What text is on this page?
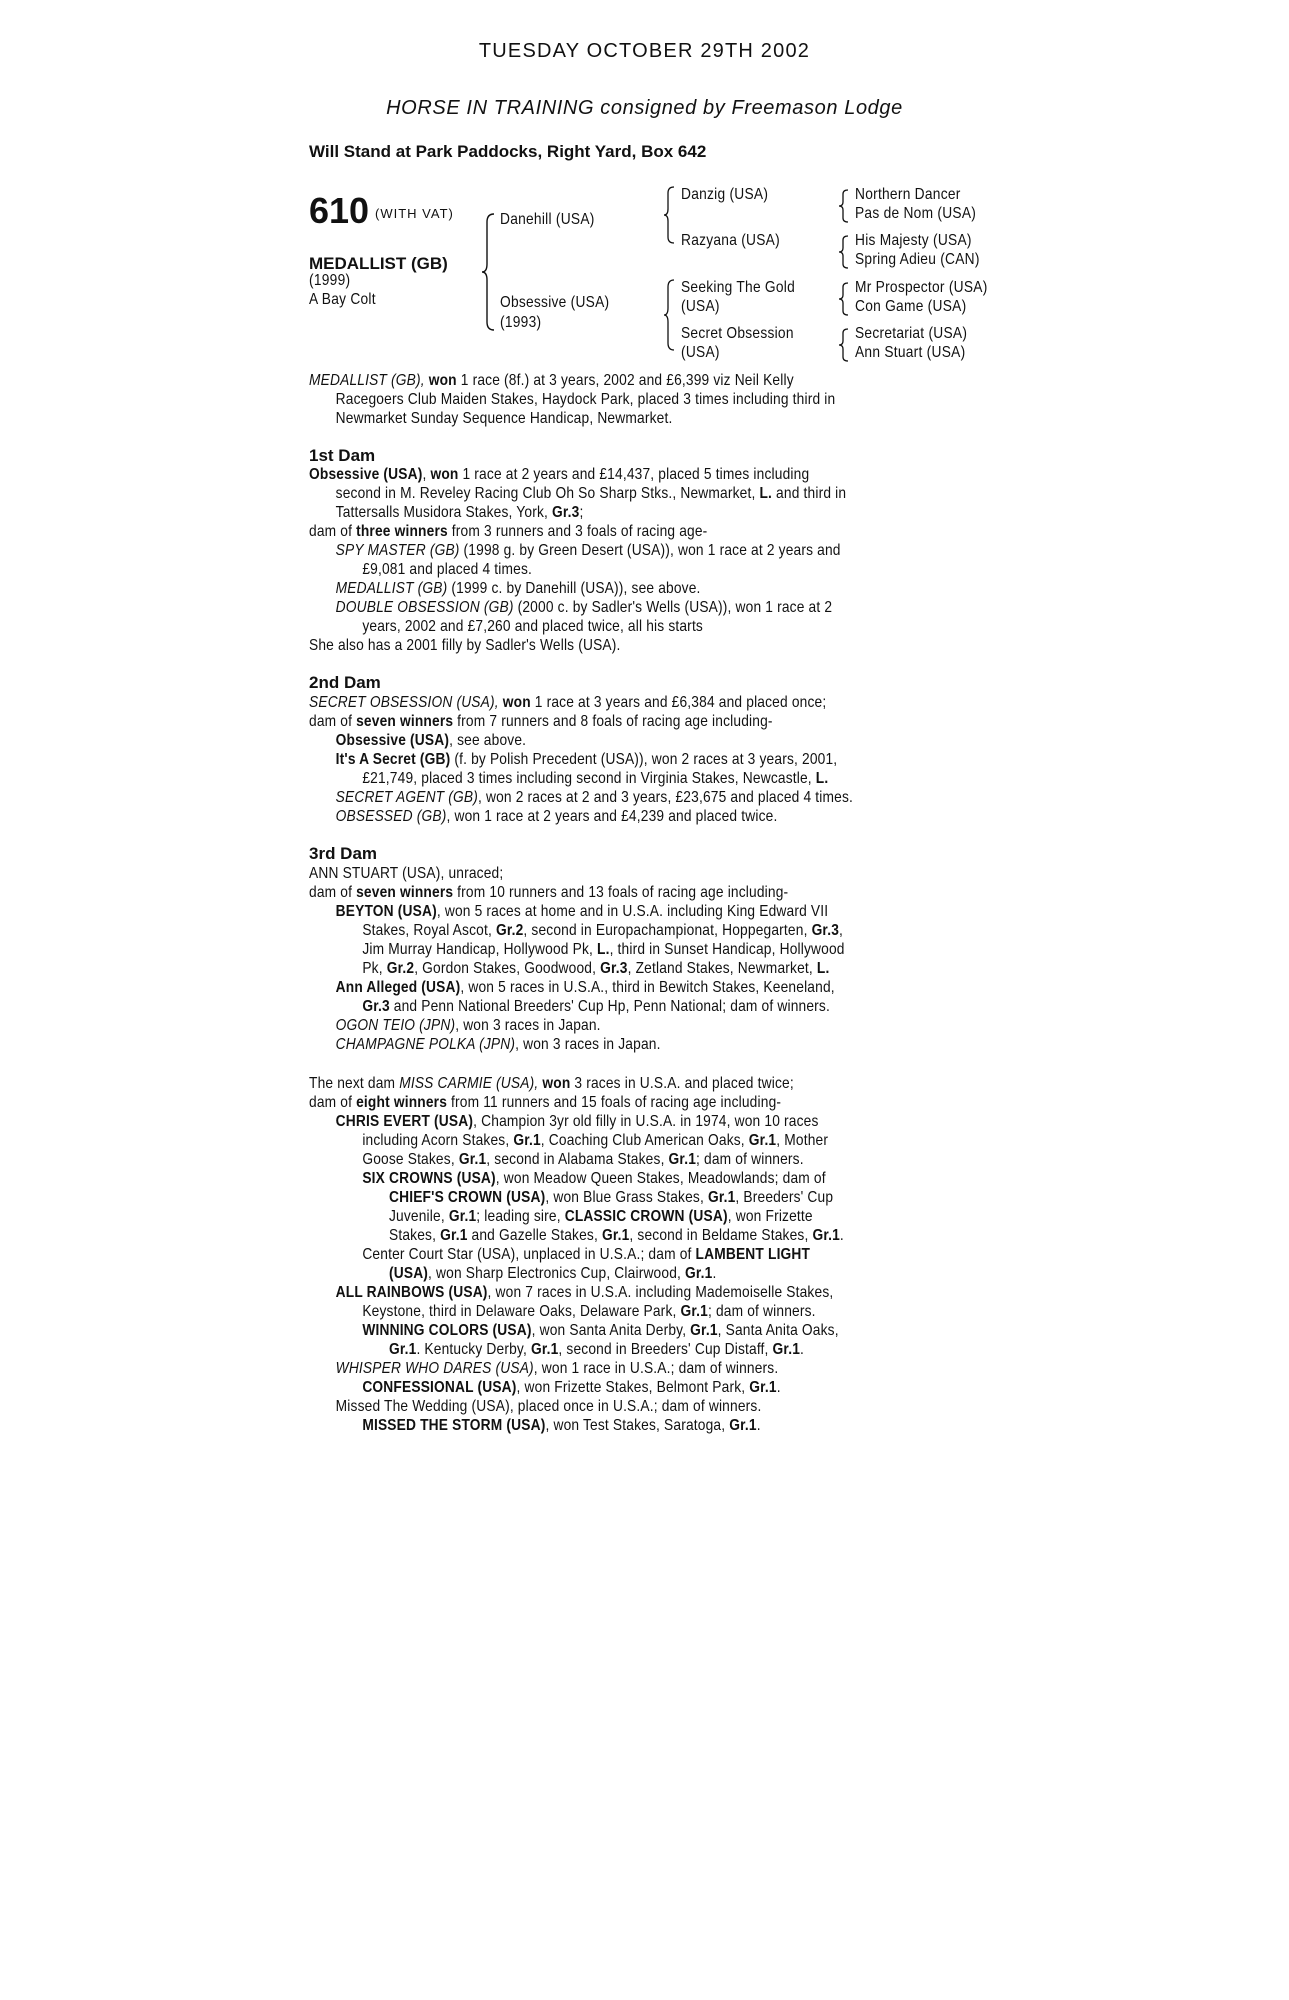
TUESDAY OCTOBER 29TH 2002
HORSE IN TRAINING consigned by Freemason Lodge
Will Stand at Park Paddocks, Right Yard, Box 642
610 (WITH VAT)
MEDALLIST (GB)
(1999)
A Bay Colt
Danehill (USA)
Obsessive (USA)
(1993)
Danzig (USA)
Razyana (USA)
Seeking The Gold
(USA)
Secret Obsession
(USA)
Northern Dancer
Pas de Nom (USA)
His Majesty (USA)
Spring Adieu (CAN)
Mr Prospector (USA)
Con Game (USA)
Secretariat (USA)
Ann Stuart (USA)
MEDALLIST (GB), won 1 race (8f.) at 3 years, 2002 and £6,399 viz Neil Kelly
Racegoers Club Maiden Stakes, Haydock Park, placed 3 times including third in
Newmarket Sunday Sequence Handicap, Newmarket.
1st Dam
Obsessive (USA), won 1 race at 2 years and £14,437, placed 5 times including
second in M. Reveley Racing Club Oh So Sharp Stks., Newmarket, L. and third in
Tattersalls Musidora Stakes, York, Gr.3;
dam of three winners from 3 runners and 3 foals of racing age-
SPY MASTER (GB) (1998 g. by Green Desert (USA)), won 1 race at 2 years and
£9,081 and placed 4 times.
MEDALLIST (GB) (1999 c. by Danehill (USA)), see above.
DOUBLE OBSESSION (GB) (2000 c. by Sadler's Wells (USA)), won 1 race at 2
years, 2002 and £7,260 and placed twice, all his starts
She also has a 2001 filly by Sadler's Wells (USA).
2nd Dam
SECRET OBSESSION (USA), won 1 race at 3 years and £6,384 and placed once;
dam of seven winners from 7 runners and 8 foals of racing age including-
Obsessive (USA), see above.
It's A Secret (GB) (f. by Polish Precedent (USA)), won 2 races at 3 years, 2001,
£21,749, placed 3 times including second in Virginia Stakes, Newcastle, L.
SECRET AGENT (GB), won 2 races at 2 and 3 years, £23,675 and placed 4 times.
OBSESSED (GB), won 1 race at 2 years and £4,239 and placed twice.
3rd Dam
ANN STUART (USA), unraced;
dam of seven winners from 10 runners and 13 foals of racing age including-
BEYTON (USA), won 5 races at home and in U.S.A. including King Edward VII
Stakes, Royal Ascot, Gr.2, second in Europachampionat, Hoppegarten, Gr.3,
Jim Murray Handicap, Hollywood Pk, L., third in Sunset Handicap, Hollywood
Pk, Gr.2, Gordon Stakes, Goodwood, Gr.3, Zetland Stakes, Newmarket, L.
Ann Alleged (USA), won 5 races in U.S.A., third in Bewitch Stakes, Keeneland,
Gr.3 and Penn National Breeders' Cup Hp, Penn National; dam of winners.
OGON TEIO (JPN), won 3 races in Japan.
CHAMPAGNE POLKA (JPN), won 3 races in Japan.
The next dam MISS CARMIE (USA), won 3 races in U.S.A. and placed twice;
dam of eight winners from 11 runners and 15 foals of racing age including-
CHRIS EVERT (USA), Champion 3yr old filly in U.S.A. in 1974, won 10 races
including Acorn Stakes, Gr.1, Coaching Club American Oaks, Gr.1, Mother
Goose Stakes, Gr.1, second in Alabama Stakes, Gr.1; dam of winners.
SIX CROWNS (USA), won Meadow Queen Stakes, Meadowlands; dam of
CHIEF'S CROWN (USA), won Blue Grass Stakes, Gr.1, Breeders' Cup
Juvenile, Gr.1; leading sire, CLASSIC CROWN (USA), won Frizette
Stakes, Gr.1 and Gazelle Stakes, Gr.1, second in Beldame Stakes, Gr.1.
Center Court Star (USA), unplaced in U.S.A.; dam of LAMBENT LIGHT
(USA), won Sharp Electronics Cup, Clairwood, Gr.1.
ALL RAINBOWS (USA), won 7 races in U.S.A. including Mademoiselle Stakes,
Keystone, third in Delaware Oaks, Delaware Park, Gr.1; dam of winners.
WINNING COLORS (USA), won Santa Anita Derby, Gr.1, Santa Anita Oaks,
Gr.1. Kentucky Derby, Gr.1, second in Breeders' Cup Distaff, Gr.1.
WHISPER WHO DARES (USA), won 1 race in U.S.A.; dam of winners.
CONFESSIONAL (USA), won Frizette Stakes, Belmont Park, Gr.1.
Missed The Wedding (USA), placed once in U.S.A.; dam of winners.
MISSED THE STORM (USA), won Test Stakes, Saratoga, Gr.1.
